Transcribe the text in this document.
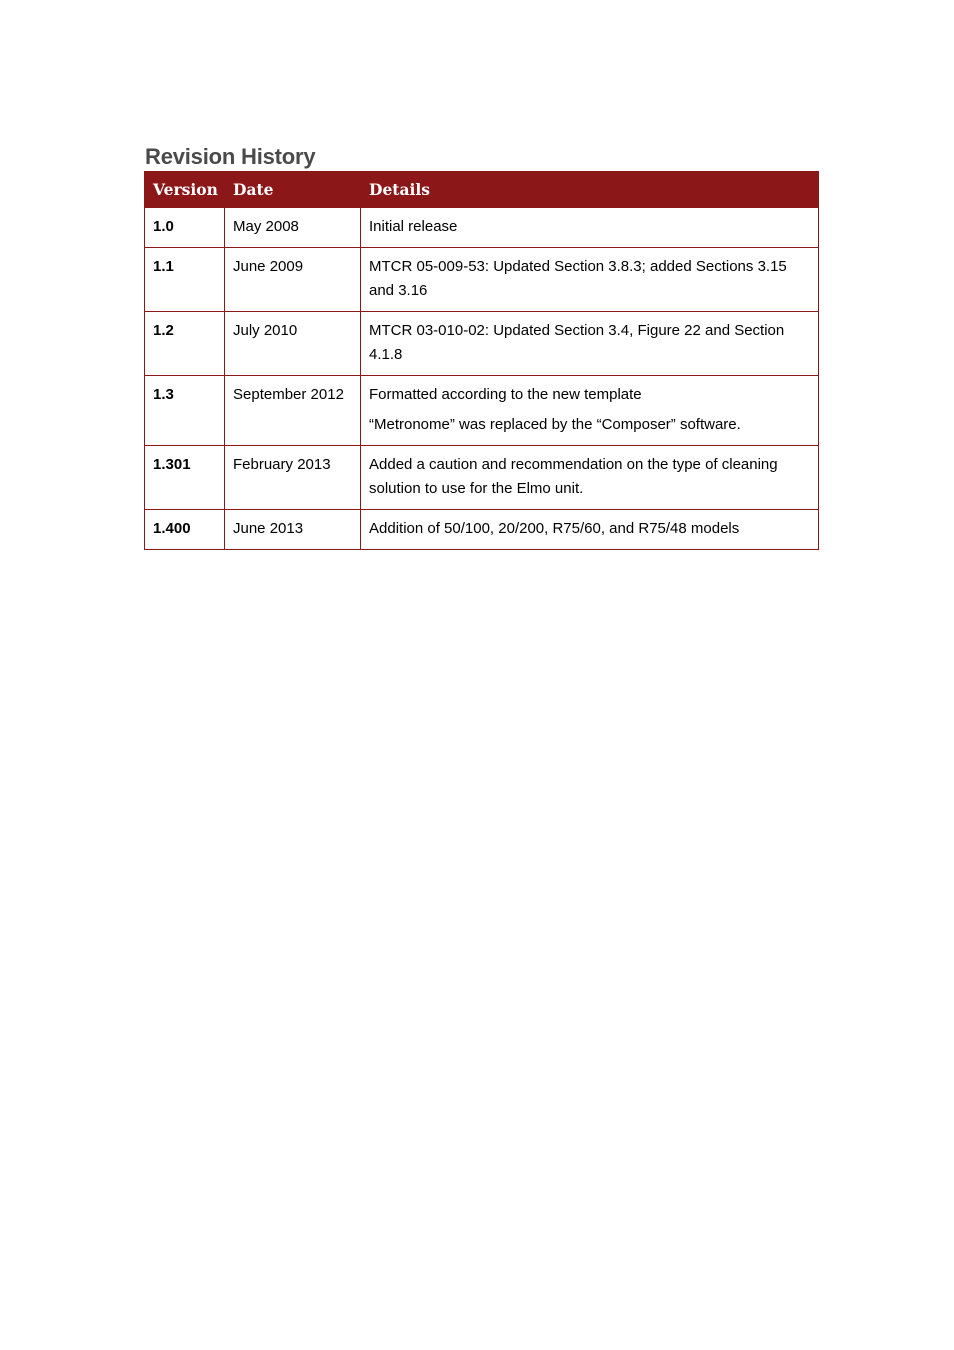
Revision History
Version	Date	Details
1.0	May 2008	Initial release

1.1	June 2009	MTCR 05-009-53: Updated Section 3.8.3; added Sections 3.15 and 3.16

1.2	July 2010	MTCR 03-010-02: Updated Section 3.4, Figure 22 and Section 4.1.8

1.3	September 2012	Formatted according to the new template
“Metronome” was replaced by the “Composer” software.

1.301	February 2013	Added a caution and recommendation on the type of cleaning solution to use for the Elmo unit.

1.400	June 2013	Addition of 50/100, 20/200, R75/60, and R75/48 models
